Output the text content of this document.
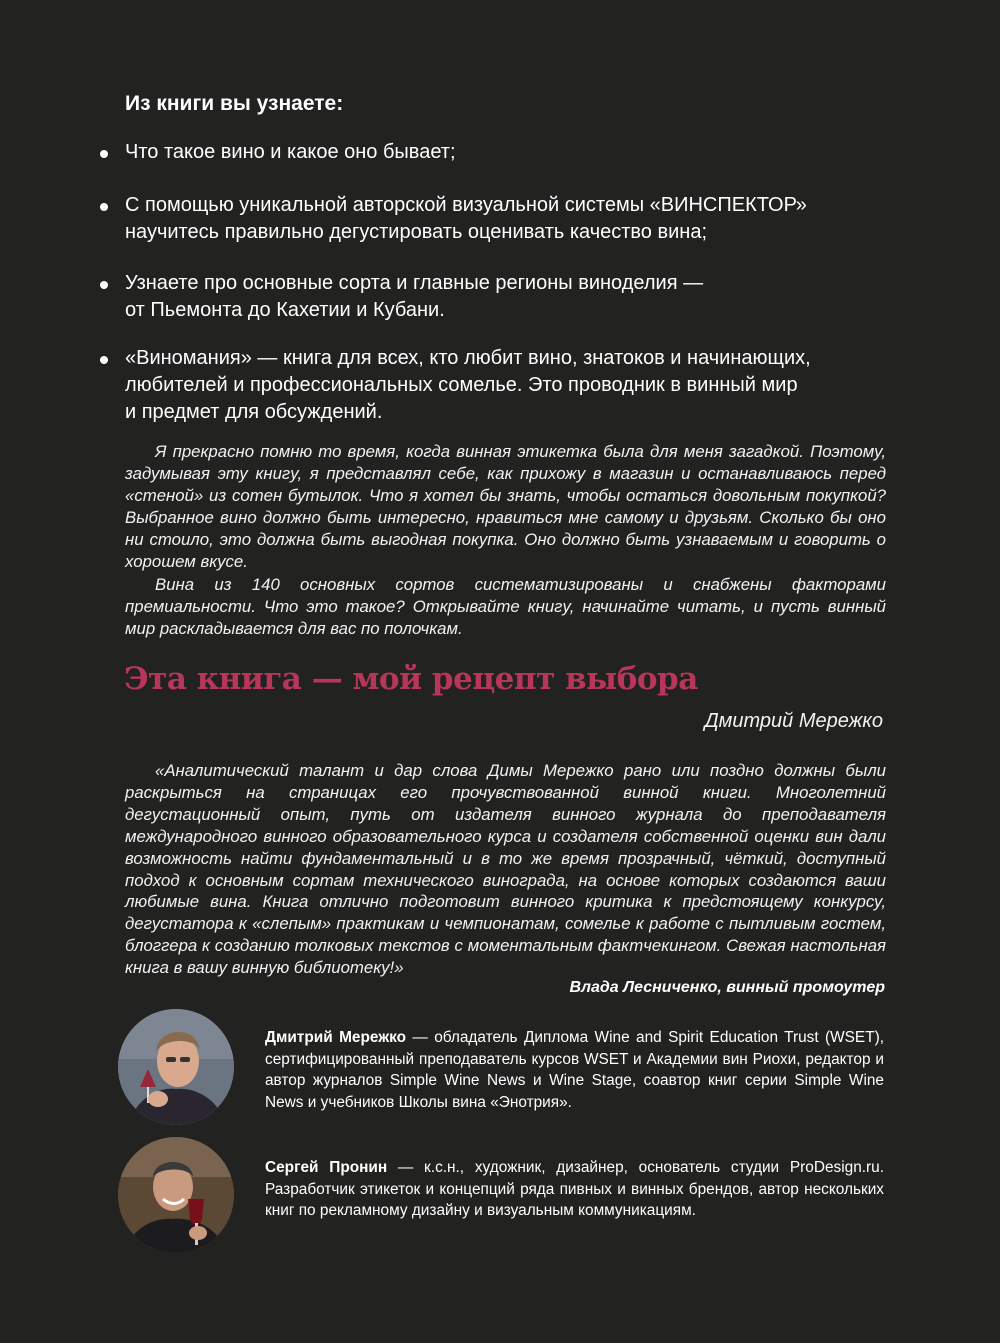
Из книги вы узнаете:
Что такое вино и какое оно бывает;
С помощью уникальной авторской визуальной системы «ВИНСПЕКТОР»
научитесь правильно дегустировать оценивать качество вина;
Узнаете про основные сорта и главные регионы виноделия —
от Пьемонта до Кахетии и Кубани.
«Виномания» — книга для всех, кто любит вино, знатоков и начинающих,
любителей и профессиональных сомелье. Это проводник в винный мир
и предмет для обсуждений.

Я прекрасно помню то время, когда винная этикетка была для меня загадкой. Поэтому, задумывая эту книгу, я представлял себе, как прихожу в магазин и останавливаюсь перед «стеной» из сотен бутылок. Что я хотел бы знать, чтобы остаться довольным покупкой? Выбранное вино должно быть интересно, нравиться мне самому и друзьям. Сколько бы оно ни стоило, это должна быть выгодная покупка. Оно должно быть узнаваемым и говорить о хорошем вкусе.

Вина из 140 основных сортов систематизированы и снабжены факторами премиальности. Что это такое? Открывайте книгу, начинайте читать, и пусть винный мир раскладывается для вас по полочкам.

Эта книга — мой рецепт выбора

Дмитрий Мережко

«Аналитический талант и дар слова Димы Мережко рано или поздно должны были раскрыться на страницах его прочувствованной винной книги. Многолетний дегустационный опыт, путь от издателя винного журнала до преподавателя международного винного образовательного курса и создателя собственной оценки вин дали возможность найти фундаментальный и в то же время прозрачный, чёткий, доступный подход к основным сортам технического винограда, на основе которых создаются ваши любимые вина. Книга отлично подготовит винного критика к предстоящему конкурсу, дегустатора к «слепым» практикам и чемпионатам, сомелье к работе с пытливым гостем, блоггера к созданию толковых текстов с моментальным фактчекингом. Свежая настольная книга в вашу винную библиотеку!»

Влада Лесниченко, винный промоутер

Дмитрий Мережко — обладатель Диплома Wine and Spirit Education Trust (WSET), сертифицированный преподаватель курсов WSET и Академии вин Риохи, редактор и автор журналов Simple Wine News и Wine Stage, соавтор книг серии Simple Wine News и учебников Школы вина «Энотрия».

Сергей Пронин — к.с.н., художник, дизайнер, основатель студии ProDesign.ru. Разработчик этикеток и концепций ряда пивных и винных брендов, автор нескольких книг по рекламному дизайну и визуальным коммуникациям.
